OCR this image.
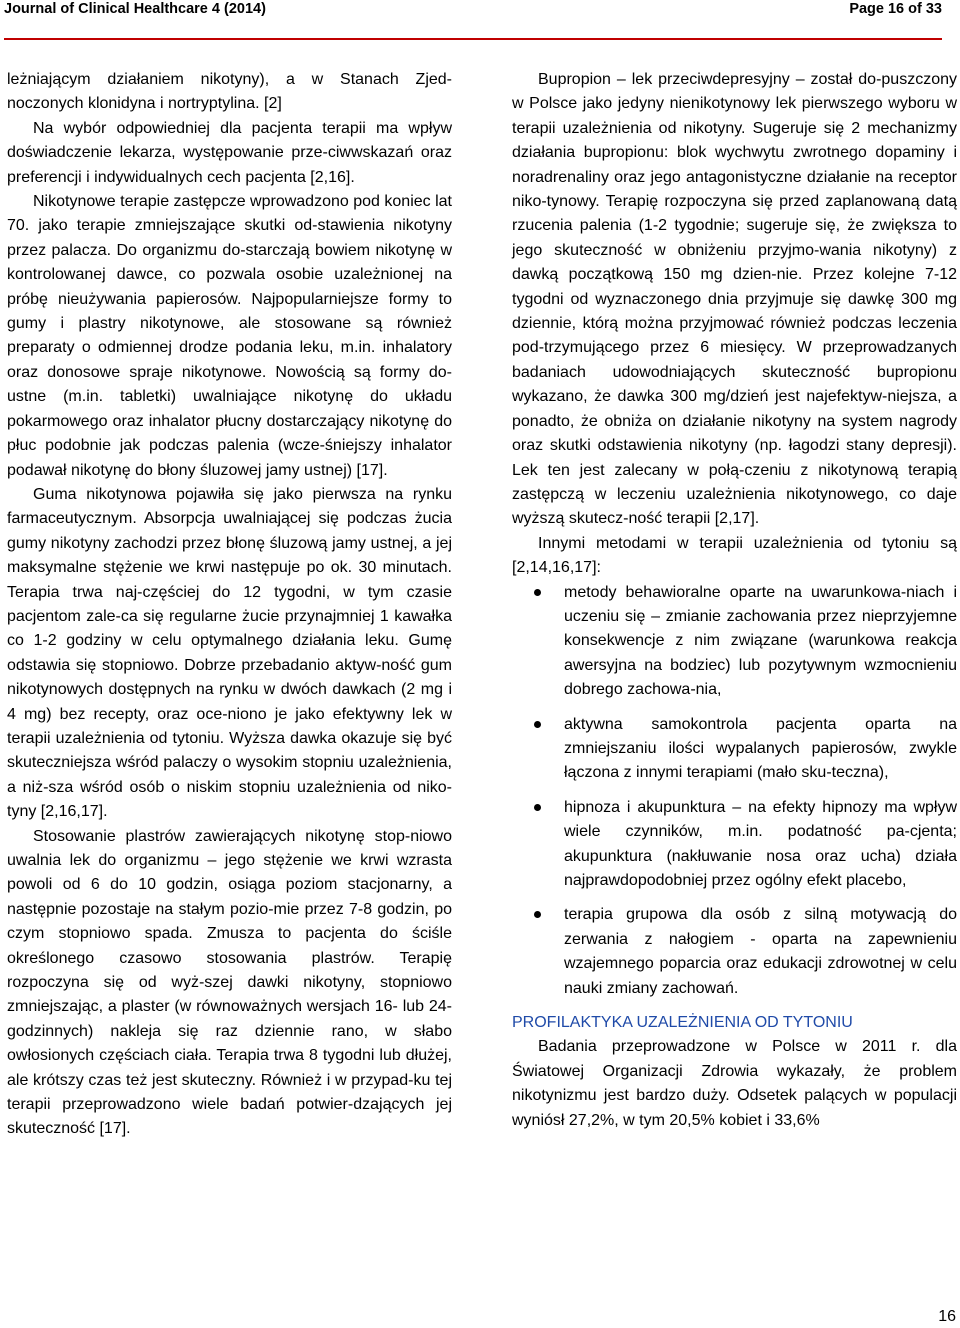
Journal of Clinical Healthcare 4 (2014)	Page 16 of 33

leżniającym działaniem nikotyny), a w Stanach Zjed-noczonych klonidyna i nortryptylina. [2]

Na wybór odpowiedniej dla pacjenta terapii ma wpływ doświadczenie lekarza, występowanie prze-ciwwskazań oraz preferencji i indywidualnych cech pacjenta [2,16].

Nikotynowe terapie zastępcze wprowadzono pod koniec lat 70. jako terapie zmniejszające skutki od-stawienia nikotyny przez palacza. Do organizmu do-starczają bowiem nikotynę w kontrolowanej dawce, co pozwala osobie uzależnionej na próbę nieużywania papierosów. Najpopularniejsze formy to gumy i plastry nikotynowe, ale stosowane są również preparaty o odmiennej drodze podania leku, m.in. inhalatory oraz donosowe spraje nikotynowe. Nowością są formy do-ustne (m.in. tabletki) uwalniające nikotynę do układu pokarmowego oraz inhalator płucny dostarczający nikotynę do płuc podobnie jak podczas palenia (wcze-śniejszy inhalator podawał nikotynę do błony śluzowej jamy ustnej) [17].

Guma nikotynowa pojawiła się jako pierwsza na rynku farmaceutycznym. Absorpcja uwalniającej się podczas żucia gumy nikotyny zachodzi przez błonę śluzową jamy ustnej, a jej maksymalne stężenie we krwi następuje po ok. 30 minutach. Terapia trwa naj-częściej do 12 tygodni, w tym czasie pacjentom zale-ca się regularne żucie przynajmniej 1 kawałka co 1-2 godziny w celu optymalnego działania leku. Gumę odstawia się stopniowo. Dobrze przebadanio aktyw-ność gum nikotynowych dostępnych na rynku w dwóch dawkach (2 mg i 4 mg) bez recepty, oraz oce-niono je jako efektywny lek w terapii uzależnienia od tytoniu. Wyższa dawka okazuje się być skuteczniejsza wśród palaczy o wysokim stopniu uzależnienia, a niż-sza wśród osób o niskim stopniu uzależnienia od niko-tyny [2,16,17].

Stosowanie plastrów zawierających nikotynę stop-niowo uwalnia lek do organizmu – jego stężenie we krwi wzrasta powoli od 6 do 10 godzin, osiąga poziom stacjonarny, a następnie pozostaje na stałym pozio-mie przez 7-8 godzin, po czym stopniowo spada. Zmusza to pacjenta do ściśle określonego czasowo stosowania plastrów. Terapię rozpoczyna się od wyż-szej dawki nikotyny, stopniowo zmniejszając, a plaster (w równoważnych wersjach 16- lub 24-godzinnych) nakleja się raz dziennie rano, w słabo owłosionych częściach ciała. Terapia trwa 8 tygodni lub dłużej, ale krótszy czas też jest skuteczny. Również i w przypad-ku tej terapii przeprowadzono wiele badań potwier-dzających jej skuteczność [17].

Bupropion – lek przeciwdepresyjny – został do-puszczony w Polsce jako jedyny nienikotynowy lek pierwszego wyboru w terapii uzależnienia od nikotyny. Sugeruje się 2 mechanizmy działania bupropionu: blok wychwytu zwrotnego dopaminy i noradrenaliny oraz jego antagonistyczne działanie na receptor niko-tynowy. Terapię rozpoczyna się przed zaplanowaną datą rzucenia palenia (1-2 tygodnie; sugeruje się, że zwiększa to jego skuteczność w obniżeniu przyjmo-wania nikotyny) z dawką początkową 150 mg dzien-nie. Przez kolejne 7-12 tygodni od wyznaczonego dnia przyjmuje się dawkę 300 mg dziennie, którą można przyjmować również podczas leczenia pod-trzymującego przez 6 miesięcy. W przeprowadzanych badaniach udowodniających skuteczność bupropionu wykazano, że dawka 300 mg/dzień jest najefektyw-niejsza, a ponadto, że obniża on działanie nikotyny na system nagrody oraz skutki odstawienia nikotyny (np. łagodzi stany depresji). Lek ten jest zalecany w połą-czeniu z nikotynową terapią zastępczą w leczeniu uzależnienia nikotynowego, co daje wyższą skutecz-ność terapii [2,17].

Innymi metodami w terapii uzależnienia od tytoniu są [2,14,16,17]:

metody behawioralne oparte na uwarunkowa-niach i uczeniu się – zmianie zachowania przez nieprzyjemne konsekwencje z nim związane (warunkowa reakcja awersyjna na bodziec) lub pozytywnym wzmocnieniu dobrego zachowa-nia,
aktywna samokontrola pacjenta oparta na zmniejszaniu ilości wypalanych papierosów, zwykle łączona z innymi terapiami (mało sku-teczna),
hipnoza i akupunktura – na efekty hipnozy ma wpływ wiele czynników, m.in. podatność pa-cjenta; akupunktura (nakłuwanie nosa oraz ucha) działa najprawdopodobniej przez ogólny efekt placebo,
terapia grupowa dla osób z silną motywacją do zerwania z nałogiem - oparta na zapewnieniu wzajemnego poparcia oraz edukacji zdrowotnej w celu nauki zmiany zachowań.

PROFILAKTYKA UZALEŻNIENIA OD TYTONIU

Badania przeprowadzone w Polsce w 2011 r. dla Światowej Organizacji Zdrowia wykazały, że problem nikotynizmu jest bardzo duży. Odsetek palących w populacji wyniósł 27,2%, w tym 20,5% kobiet i 33,6%

16
